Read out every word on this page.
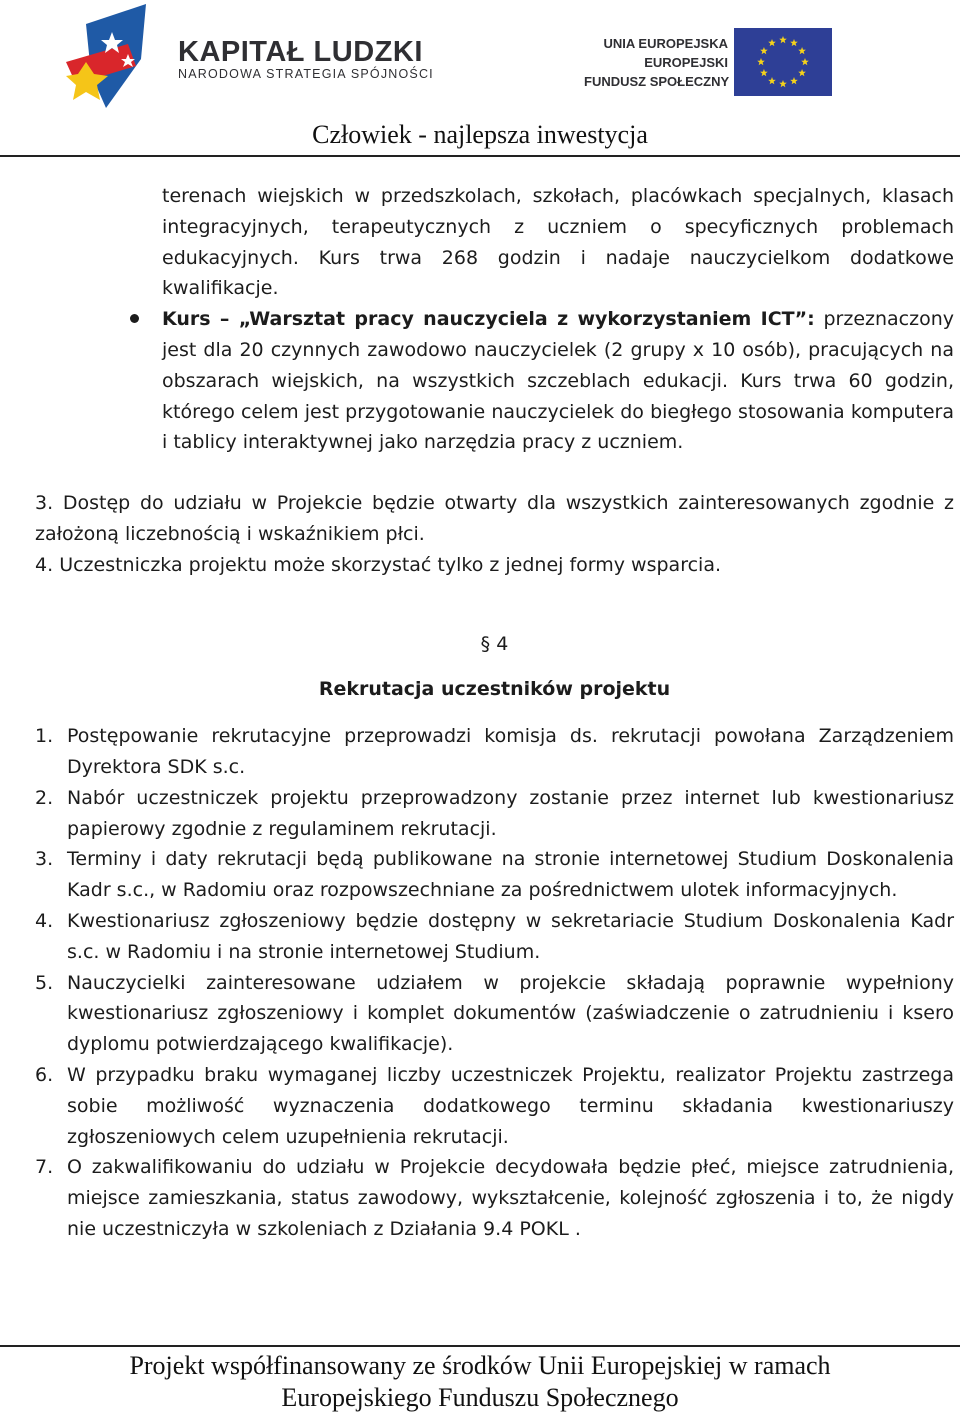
KAPITAŁ LUDZKI
NARODOWA STRATEGIA SPÓJNOŚCI
UNIA EUROPEJSKA
EUROPEJSKI
FUNDUSZ SPOŁECZNY
Człowiek - najlepsza inwestycja
terenach wiejskich w przedszkolach, szkołach, placówkach specjalnych, klasach integracyjnych, terapeutycznych z uczniem o specyficznych problemach edukacyjnych. Kurs trwa 268 godzin i nadaje nauczycielkom dodatkowe kwalifikacje.
Kurs – „Warsztat pracy nauczyciela z wykorzystaniem ICT”: przeznaczony jest dla 20 czynnych zawodowo nauczycielek (2 grupy x 10 osób), pracujących na obszarach wiejskich, na wszystkich szczeblach edukacji. Kurs trwa 60 godzin, którego celem jest przygotowanie nauczycielek do biegłego stosowania komputera i tablicy interaktywnej jako narzędzia pracy z uczniem.
3. Dostęp do udziału w Projekcie będzie otwarty dla wszystkich zainteresowanych zgodnie z założoną liczebnością i wskaźnikiem płci.
4. Uczestniczka projektu może skorzystać tylko z jednej formy wsparcia.
§ 4
Rekrutacja uczestników projektu
1. Postępowanie rekrutacyjne przeprowadzi komisja ds. rekrutacji powołana Zarządzeniem Dyrektora SDK s.c.
2. Nabór uczestniczek projektu przeprowadzony zostanie przez internet lub kwestionariusz papierowy zgodnie z regulaminem rekrutacji.
3. Terminy i daty rekrutacji będą publikowane na stronie internetowej Studium Doskonalenia Kadr s.c., w Radomiu oraz rozpowszechniane za pośrednictwem ulotek informacyjnych.
4. Kwestionariusz zgłoszeniowy będzie dostępny w sekretariacie Studium Doskonalenia Kadr s.c. w Radomiu i na stronie internetowej Studium.
5. Nauczycielki zainteresowane udziałem w projekcie składają poprawnie wypełniony kwestionariusz zgłoszeniowy i komplet dokumentów (zaświadczenie o zatrudnieniu i ksero dyplomu potwierdzającego kwalifikacje).
6. W przypadku braku wymaganej liczby uczestniczek Projektu, realizator Projektu zastrzega sobie możliwość wyznaczenia dodatkowego terminu składania kwestionariuszy zgłoszeniowych celem uzupełnienia rekrutacji.
7. O zakwalifikowaniu do udziału w Projekcie decydowała będzie płeć, miejsce zatrudnienia, miejsce zamieszkania, status zawodowy, wykształcenie, kolejność zgłoszenia i to, że nigdy nie uczestniczyła w szkoleniach z Działania 9.4 POKL .
Projekt współfinansowany ze środków Unii Europejskiej w ramach
Europejskiego Funduszu Społecznego
